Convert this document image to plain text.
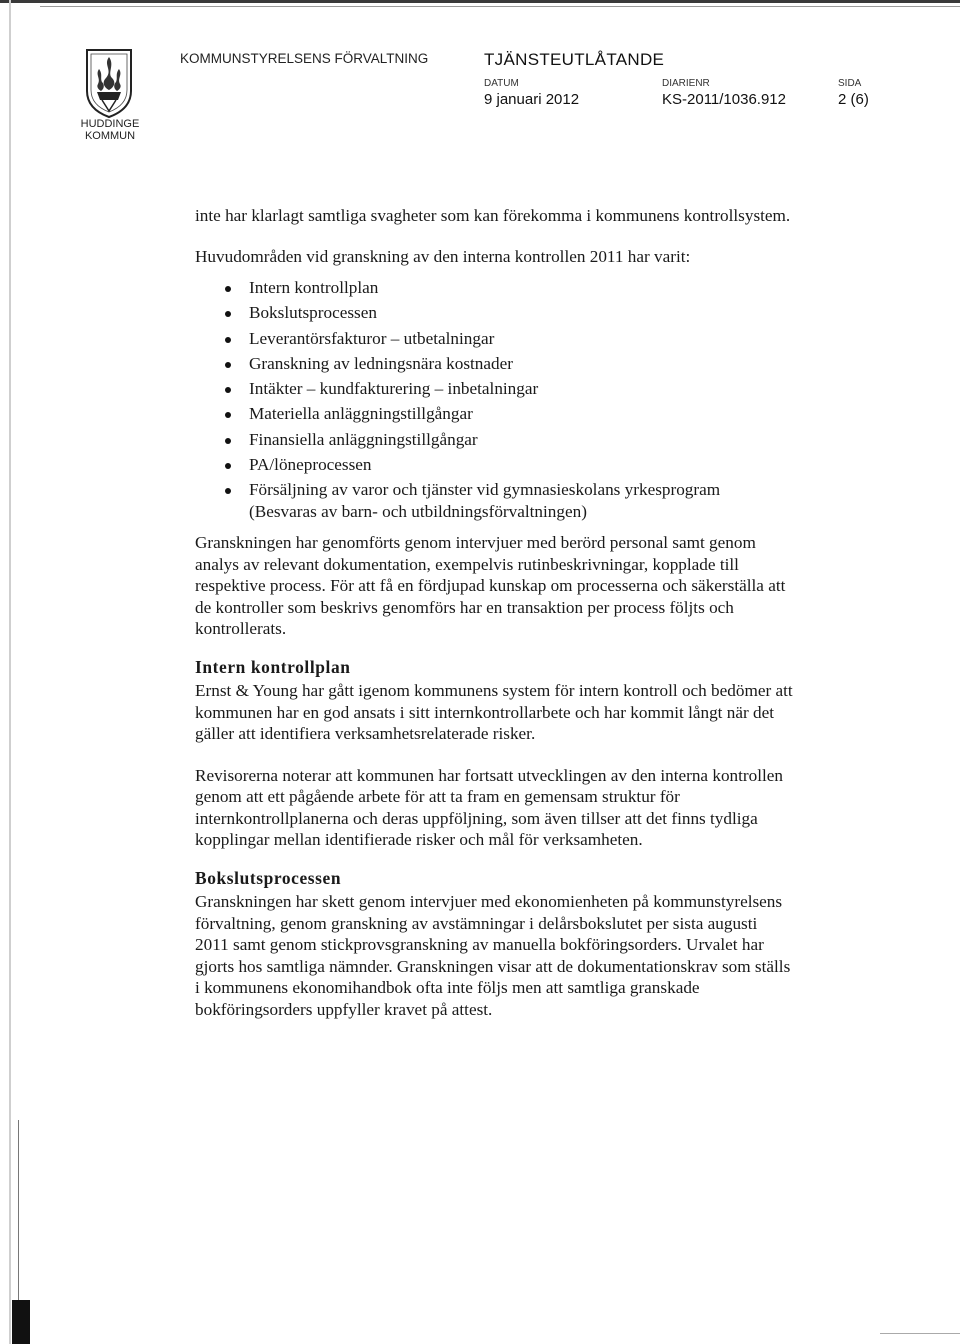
HUDDINGE
KOMMUN
KOMMUNSTYRELSENS FÖRVALTNING	TJÄNSTEUTLÅTANDE
DATUM
9 januari 2012
DIARIENR
KS-2011/1036.912
SIDA
2 (6)

inte har klarlagt samtliga svagheter som kan förekomma i kommunens kontrollsystem.

Huvudområden vid granskning av den interna kontrollen 2011 har varit:

Intern kontrollplan
Bokslutsprocessen
Leverantörsfakturor – utbetalningar
Granskning av ledningsnära kostnader
Intäkter – kundfakturering – inbetalningar
Materiella anläggningstillgångar
Finansiella anläggningstillgångar
PA/löneprocessen
Försäljning av varor och tjänster vid gymnasieskolans yrkesprogram
(Besvaras av barn- och utbildningsförvaltningen)

Granskningen har genomförts genom intervjuer med berörd personal samt genom analys av relevant dokumentation, exempelvis rutinbeskrivningar, kopplade till respektive process. För att få en fördjupad kunskap om processerna och säkerställa att de kontroller som beskrivs genomförs har en transaktion per process följts och kontrollerats.

Intern kontrollplan

Ernst & Young har gått igenom kommunens system för intern kontroll och bedömer att kommunen har en god ansats i sitt internkontrollarbete och har kommit långt när det gäller att identifiera verksamhetsrelaterade risker.

Revisorerna noterar att kommunen har fortsatt utvecklingen av den interna kontrollen genom att ett pågående arbete för att ta fram en gemensam struktur för internkontrollplanerna och deras uppföljning, som även tillser att det finns tydliga kopplingar mellan identifierade risker och mål för verksamheten.

Bokslutsprocessen

Granskningen har skett genom intervjuer med ekonomienheten på kommunstyrelsens förvaltning, genom granskning av avstämningar i delårsbokslutet per sista augusti 2011 samt genom stickprovsgranskning av manuella bokföringsorders. Urvalet har gjorts hos samtliga nämnder. Granskningen visar att de dokumentationskrav som ställs i kommunens ekonomihandbok ofta inte följs men att samtliga granskade bokföringsorders uppfyller kravet på attest.
